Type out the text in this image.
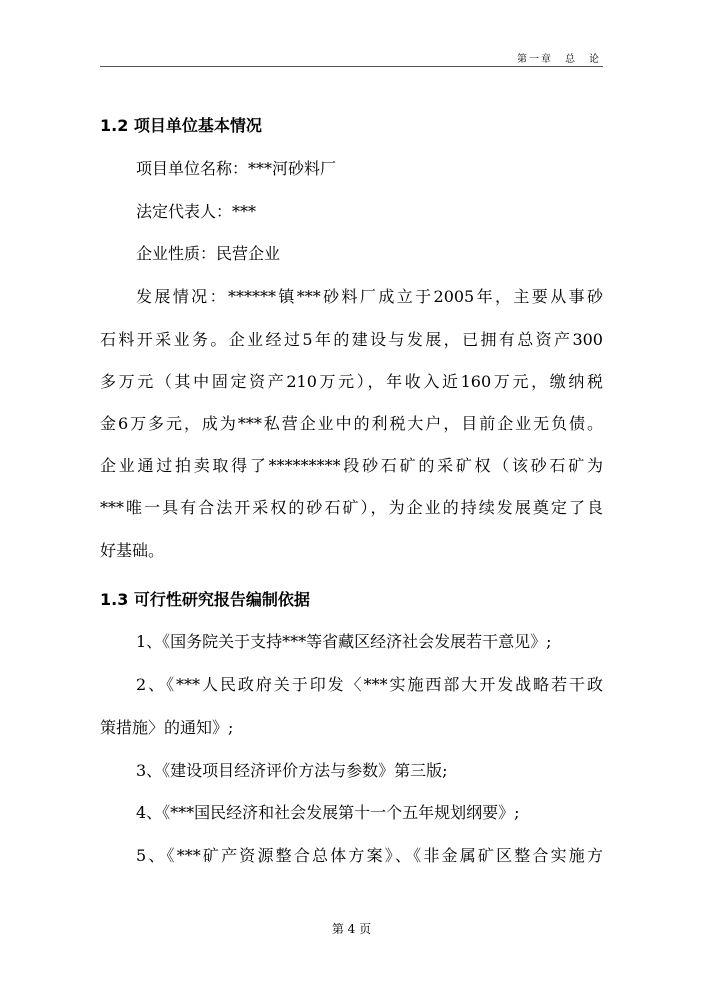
第一章 总 论
1.2 项目单位基本情况
项目单位名称：***河砂料厂
法定代表人：***
企业性质：民营企业
发展情况：******镇***砂料厂成立于2005年，主要从事砂
石料开采业务。企业经过5年的建设与发展，已拥有总资产300
多万元（其中固定资产210万元），年收入近160万元，缴纳税
金6万多元，成为***私营企业中的利税大户，目前企业无负债。
企业通过拍卖取得了*********段砂石矿的采矿权（该砂石矿为
***唯一具有合法开采权的砂石矿），为企业的持续发展奠定了良
好基础。
1.3 可行性研究报告编制依据
1、《国务院关于支持***等省藏区经济社会发展若干意见》;
2、《***人民政府关于印发〈***实施西部大开发战略若干政
策措施〉的通知》;
3、《建设项目经济评价方法与参数》第三版;
4、《***国民经济和社会发展第十一个五年规划纲要》;
5、《***矿产资源整合总体方案》、《非金属矿区整合实施方
第 4 页
